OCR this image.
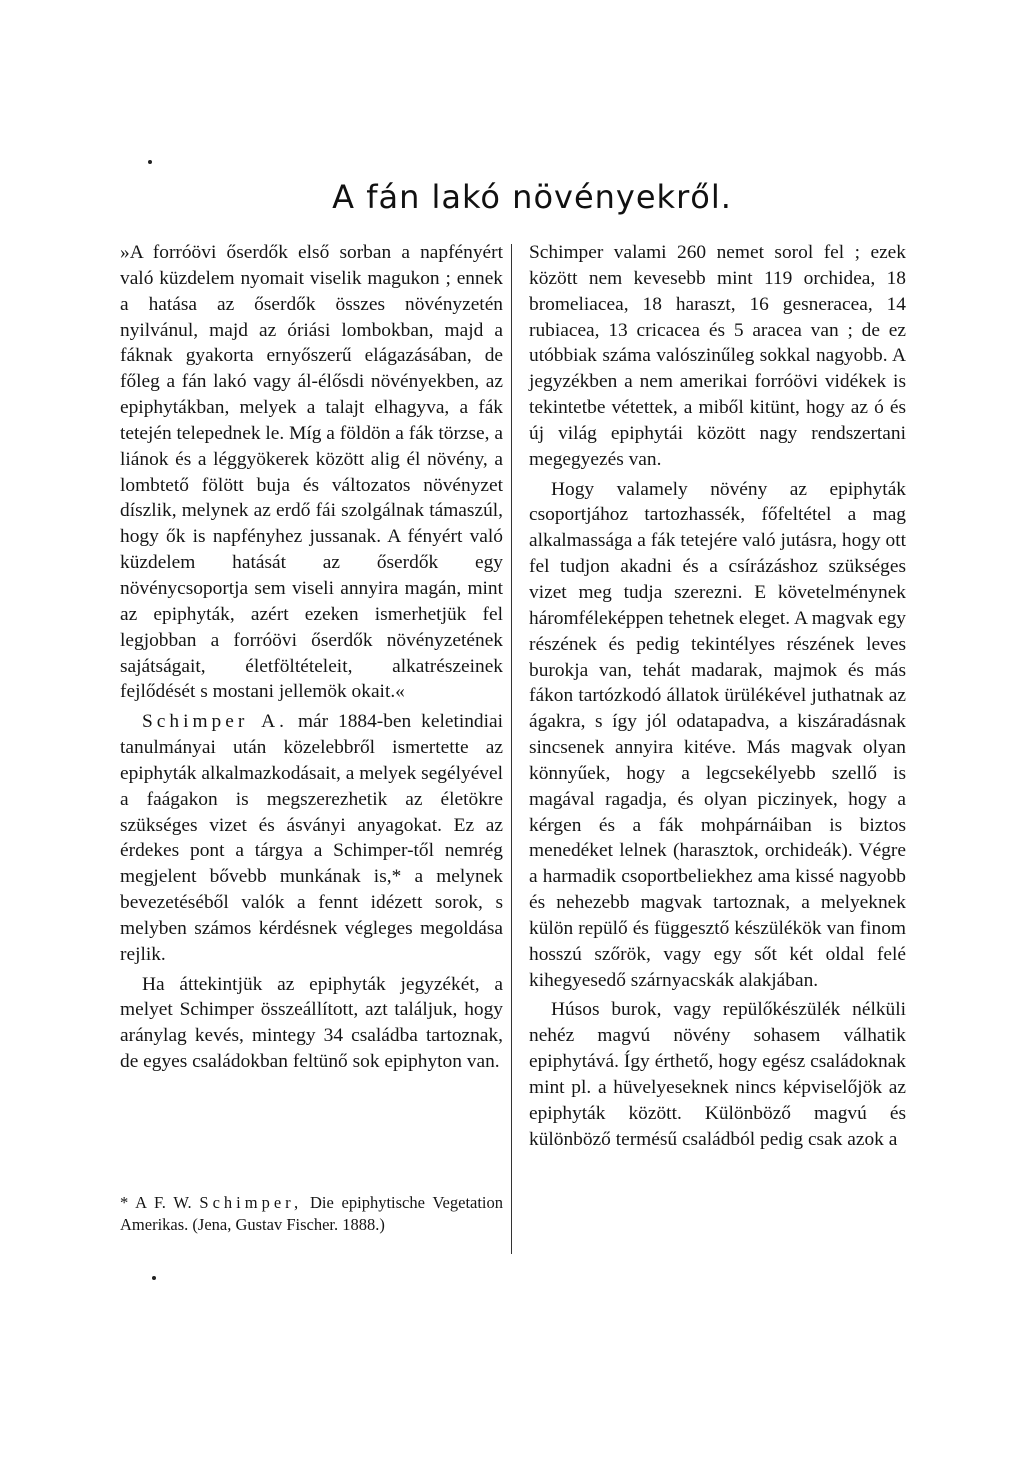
A fán lakó növényekről.

»A forróövi őserdők első sorban a napfényért való küzdelem nyomait viselik magukon ; ennek a hatása az őserdők összes növényzetén nyilvánul, majd az óriási lombokban, majd a fáknak gyakorta ernyőszerű elágazásában, de főleg a fán lakó vagy ál-élősdi növényekben, az epiphytákban, melyek a talajt elhagyva, a fák tetején telepednek le. Míg a földön a fák törzse, a liánok és a léggyökerek között alig él növény, a lombtető fölött buja és változatos növényzet díszlik, melynek az erdő fái szolgálnak támaszúl, hogy ők is napfényhez jussanak. A fényért való küzdelem hatását az őserdők egy növénycsoportja sem viseli annyira magán, mint az epiphyták, azért ezeken ismerhetjük fel legjobban a forróövi őserdők növényzetének sajátságait, életföltételeit, alkatrészeinek fejlődését s mostani jellemök okait.«

Schimper A. már 1884-ben keletindiai tanulmányai után közelebbről ismertette az epiphyták alkalmazkodásait, a melyek segélyével a faágakon is megszerezhetik az életökre szükséges vizet és ásványi anyagokat. Ez az érdekes pont a tárgya a Schimper-től nemrég megjelent bővebb munkának is,* a melynek bevezetéséből valók a fennt idézett sorok, s melyben számos kérdésnek végleges megoldása rejlik.

Ha áttekintjük az epiphyták jegyzékét, a melyet Schimper összeállított, azt találjuk, hogy aránylag kevés, mintegy 34 családba tartoznak, de egyes családokban feltünő sok epiphyton van.

Schimper valami 260 nemet sorol fel ; ezek között nem kevesebb mint 119 orchidea, 18 bromeliacea, 18 haraszt, 16 gesneracea, 14 rubiacea, 13 cricacea és 5 aracea van ; de ez utóbbiak száma valószinűleg sokkal nagyobb. A jegyzékben a nem amerikai forróövi vidékek is tekintetbe vétettek, a miből kitünt, hogy az ó és új világ epiphytái között nagy rendszertani megegyezés van.

Hogy valamely növény az epiphyták csoportjához tartozhassék, főfeltétel a mag alkalmassága a fák tetejére való jutásra, hogy ott fel tudjon akadni és a csírázáshoz szükséges vizet meg tudja szerezni. E követelménynek háromféleképpen tehetnek eleget. A magvak egy részének és pedig tekintélyes részének leves burokja van, tehát madarak, majmok és más fákon tartózkodó állatok ürülékével juthatnak az ágakra, s így jól odatapadva, a kiszáradásnak sincsenek annyira kitéve. Más magvak olyan könnyűek, hogy a legcsekélyebb szellő is magával ragadja, és olyan piczinyek, hogy a kérgen és a fák mohpárnáiban is biztos menedéket lelnek (harasztok, orchideák). Végre a harmadik csoportbeliekhez ama kissé nagyobb és nehezebb magvak tartoznak, a melyeknek külön repülő és függesztő készülékök van finom hosszú szőrök, vagy egy sőt két oldal felé kihegyesedő szárnyacskák alakjában.

Húsos burok, vagy repülőkészülék nélküli nehéz magvú növény sohasem válhatik epiphytává. Így érthető, hogy egész családoknak mint pl. a hüvelyeseknek nincs képviselőjök az epiphyták között. Különböző magvú és különböző termésű családból pedig csak azok a

* A F. W. Schimper, Die epiphytische Vegetation Amerikas. (Jena, Gustav Fischer. 1888.)
